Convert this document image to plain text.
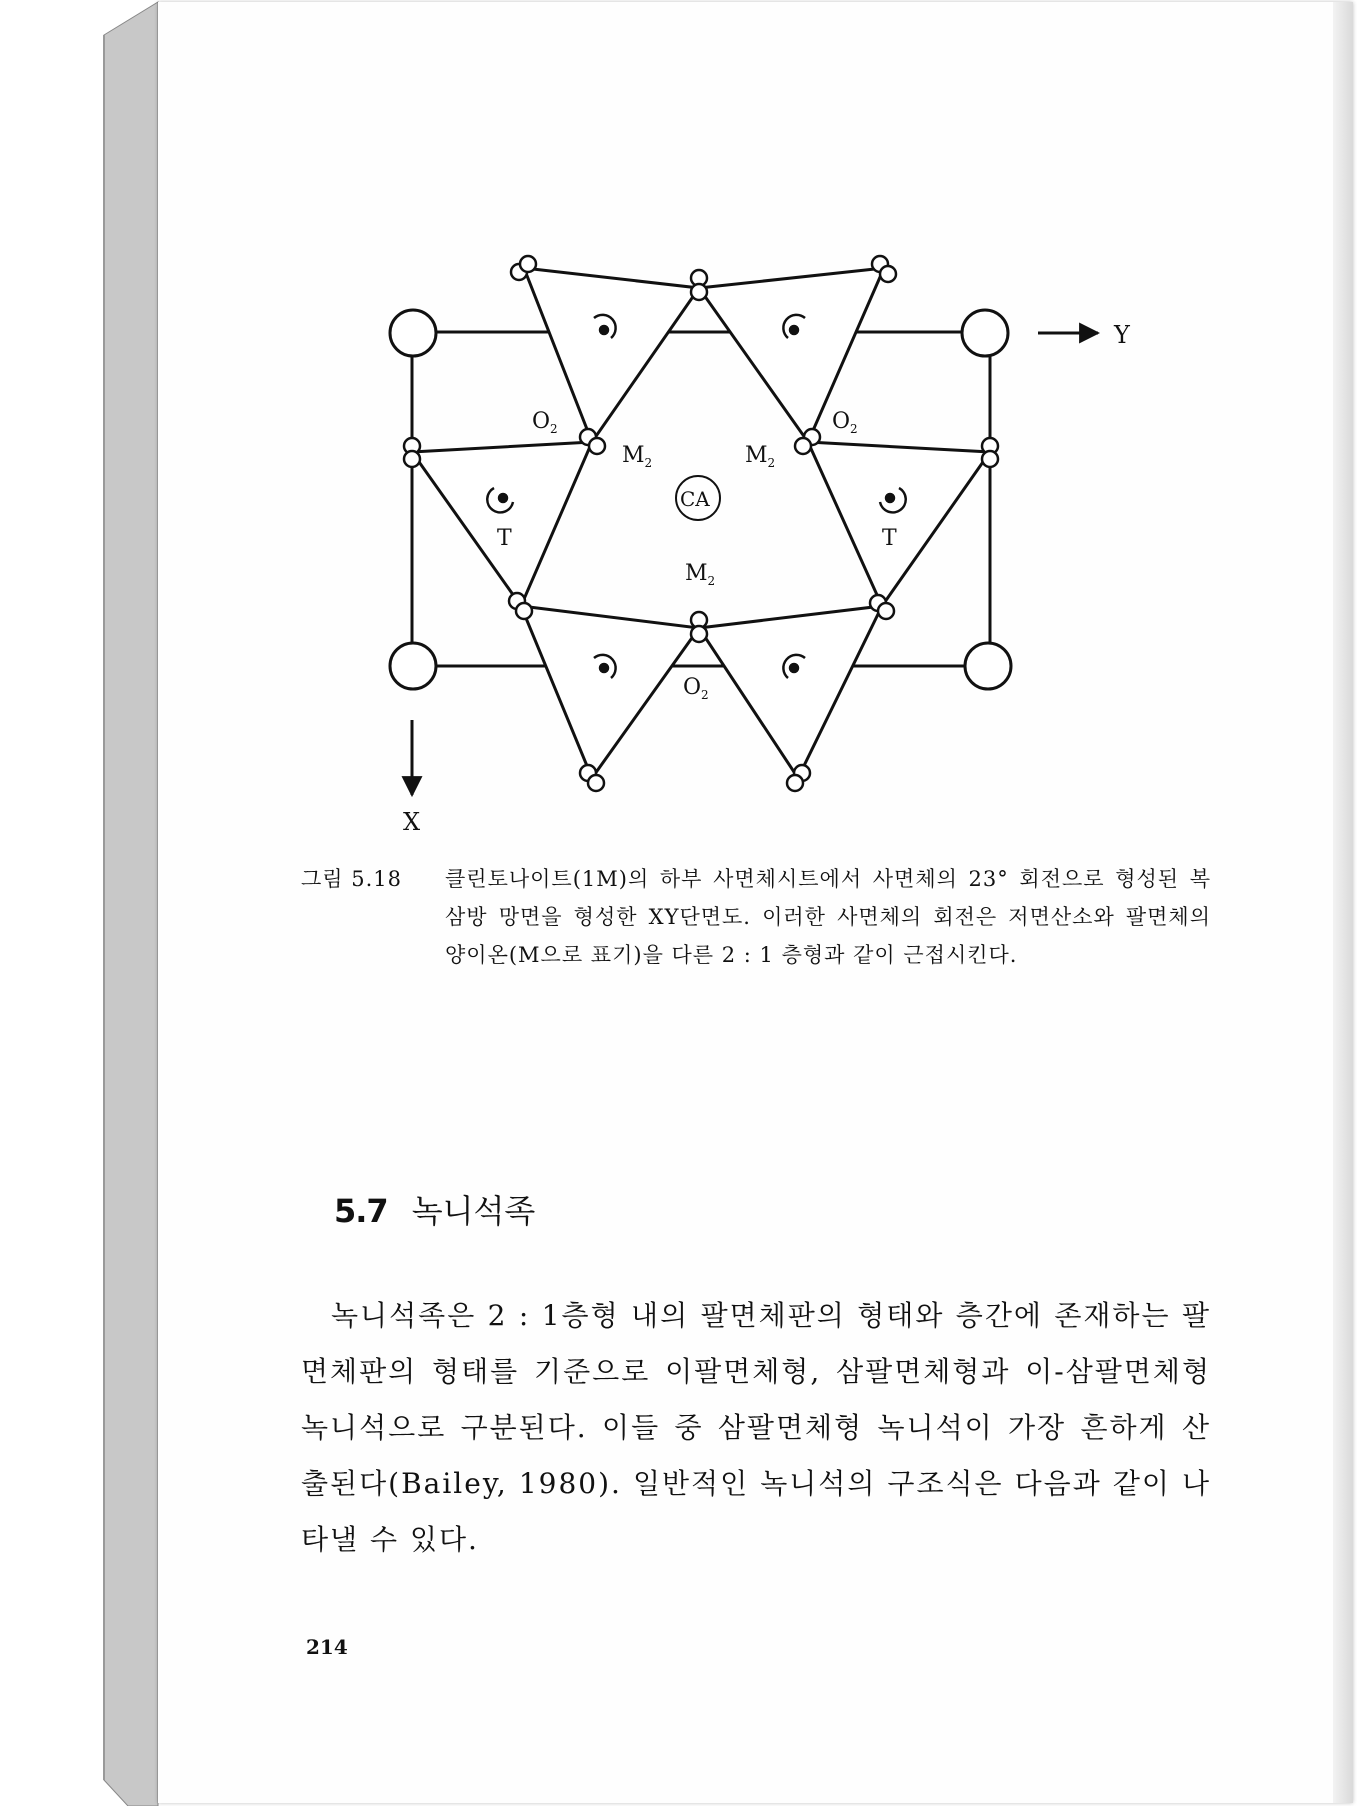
Y
X
$O_2$	$O_2$
$O_2$
$M_2$	$M_2$
$M_2$
CA
T	T
그림 5.18 클린토나이트(1M)의 하부 사면체시트에서 사면체의 23° 회전으로 형성된 복삼방 망면을 형성한 XY단면도. 이러한 사면체의 회전은 저면산소와 팔면체의 양이온(M으로 표기)을 다른 2 : 1 층형과 같이 근접시킨다.
5.7 녹니석족
녹니석족은 2 : 1층형 내의 팔면체판의 형태와 층간에 존재하는 팔면체판의 형태를 기준으로 이팔면체형, 삼팔면체형과 이-삼팔면체형 녹니석으로 구분된다. 이들 중 삼팔면체형 녹니석이 가장 흔하게 산출된다(Bailey, 1980). 일반적인 녹니석의 구조식은 다음과 같이 나타낼 수 있다.
214
